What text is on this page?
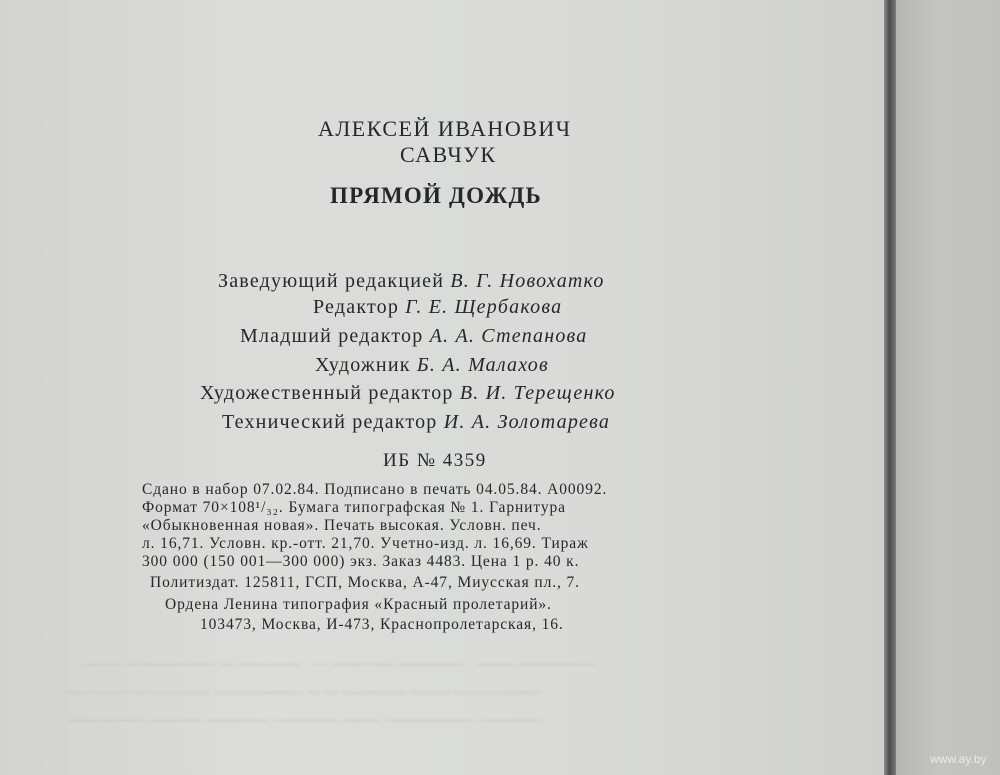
─── ─────── ─ ─────   ─ ───── ─────   ─── ──────
───── ────── ─────── ─ ─ ───── ─── ───────
────── ──── ───── ───── ─── ─────── ─────
АЛЕКСЕЙ ИВАНОВИЧ
САВЧУК
ПРЯМОЙ ДОЖДЬ
Заведующий редакцией В. Г. Новохатко
Редактор Г. Е. Щербакова
Младший редактор А. А. Степанова
Художник Б. А. Малахов
Художественный редактор В. И. Терещенко
Технический редактор И. А. Золотарева
ИБ № 4359
Сдано в набор 07.02.84. Подписано в печать 04.05.84. А00092.
Формат 70×108¹/₃₂. Бумага типографская № 1. Гарнитура
«Обыкновенная новая». Печать высокая. Условн. печ.
л. 16,71. Условн. кр.-отт. 21,70. Учетно-изд. л. 16,69. Тираж
300 000 (150 001—300 000) экз. Заказ 4483. Цена 1 р. 40 к.
Политиздат. 125811, ГСП, Москва, А-47, Миусская пл., 7.
Ордена Ленина типография «Красный пролетарий».
103473, Москва, И-473, Краснопролетарская, 16.
www.ay.by
